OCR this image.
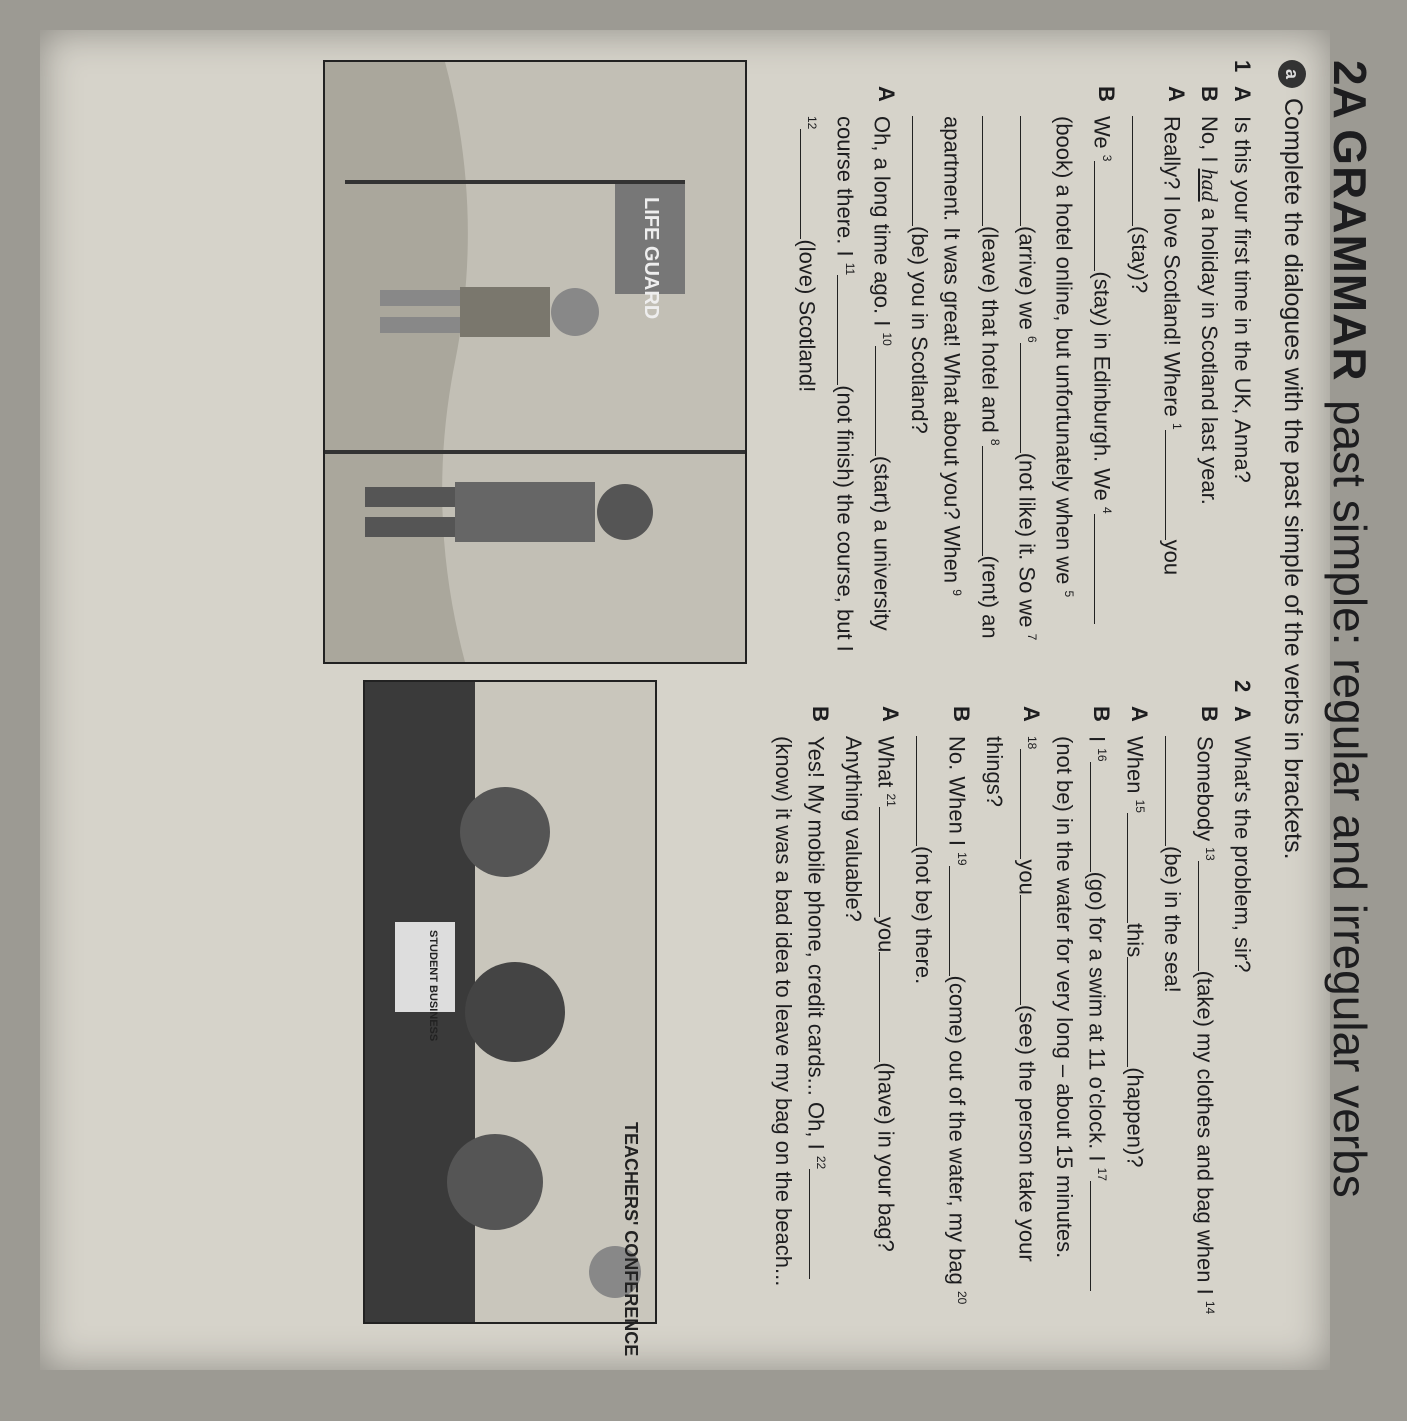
2A GRAMMAR past simple: regular and irregular verbs
a
Complete the dialogues with the past simple of the verbs in brackets.
1
A
Is this your first time in the UK, Anna?
B
No, I had a holiday in Scotland last year.
A
Really? I love Scotland! Where $^1$you(stay)?
B
We $^3$(stay) in Edinburgh. We $^4$(book) a hotel online, but unfortunately when we $^5$(arrive) we $^6$(not like) it. So we $^7$(leave) that hotel and $^8$(rent) an apartment. It was great! What about you? When $^9$(be) you in Scotland?
A
Oh, a long time ago. I $^{10}$(start) a university course there. I $^{11}$(not finish) the course, but I $^{12}$(love) Scotland!
2
A
What's the problem, sir?
B
Somebody $^{13}$(take) my clothes and bag when I $^{14}$(be) in the sea!
A
When $^{15}$this(happen)?
B
I $^{16}$(go) for a swim at 11 o'clock. I $^{17}$(not be) in the water for very long – about 15 minutes.
A
$^{18}$you(see) the person take your things?
B
No. When I $^{19}$(come) out of the water, my bag $^{20}$(not be) there.
A
What $^{21}$you(have) in your bag? Anything valuable?
B
Yes! My mobile phone, credit cards... Oh, I $^{22}$(know) it was a bad idea to leave my bag on the beach...
LIFE GUARD
TEACHERS' CONFERENCE
STUDENT BUSINESS
